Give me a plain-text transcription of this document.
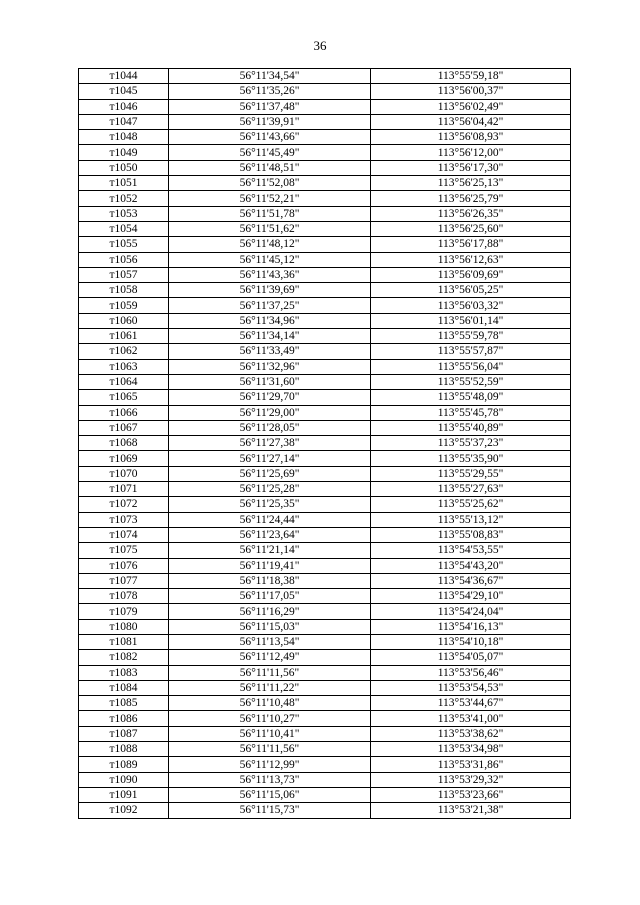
36
т1044	56°11'34,54"	113°55'59,18"
т1045	56°11'35,26"	113°56'00,37"
т1046	56°11'37,48"	113°56'02,49"
т1047	56°11'39,91"	113°56'04,42"
т1048	56°11'43,66"	113°56'08,93"
т1049	56°11'45,49"	113°56'12,00"
т1050	56°11'48,51"	113°56'17,30"
т1051	56°11'52,08"	113°56'25,13"
т1052	56°11'52,21"	113°56'25,79"
т1053	56°11'51,78"	113°56'26,35"
т1054	56°11'51,62"	113°56'25,60"
т1055	56°11'48,12"	113°56'17,88"
т1056	56°11'45,12"	113°56'12,63"
т1057	56°11'43,36"	113°56'09,69"
т1058	56°11'39,69"	113°56'05,25"
т1059	56°11'37,25"	113°56'03,32"
т1060	56°11'34,96"	113°56'01,14"
т1061	56°11'34,14"	113°55'59,78"
т1062	56°11'33,49"	113°55'57,87"
т1063	56°11'32,96"	113°55'56,04"
т1064	56°11'31,60"	113°55'52,59"
т1065	56°11'29,70"	113°55'48,09"
т1066	56°11'29,00"	113°55'45,78"
т1067	56°11'28,05"	113°55'40,89"
т1068	56°11'27,38"	113°55'37,23"
т1069	56°11'27,14"	113°55'35,90"
т1070	56°11'25,69"	113°55'29,55"
т1071	56°11'25,28"	113°55'27,63"
т1072	56°11'25,35"	113°55'25,62"
т1073	56°11'24,44"	113°55'13,12"
т1074	56°11'23,64"	113°55'08,83"
т1075	56°11'21,14"	113°54'53,55"
т1076	56°11'19,41"	113°54'43,20"
т1077	56°11'18,38"	113°54'36,67"
т1078	56°11'17,05"	113°54'29,10"
т1079	56°11'16,29"	113°54'24,04"
т1080	56°11'15,03"	113°54'16,13"
т1081	56°11'13,54"	113°54'10,18"
т1082	56°11'12,49"	113°54'05,07"
т1083	56°11'11,56"	113°53'56,46"
т1084	56°11'11,22"	113°53'54,53"
т1085	56°11'10,48"	113°53'44,67"
т1086	56°11'10,27"	113°53'41,00"
т1087	56°11'10,41"	113°53'38,62"
т1088	56°11'11,56"	113°53'34,98"
т1089	56°11'12,99"	113°53'31,86"
т1090	56°11'13,73"	113°53'29,32"
т1091	56°11'15,06"	113°53'23,66"
т1092	56°11'15,73"	113°53'21,38"
